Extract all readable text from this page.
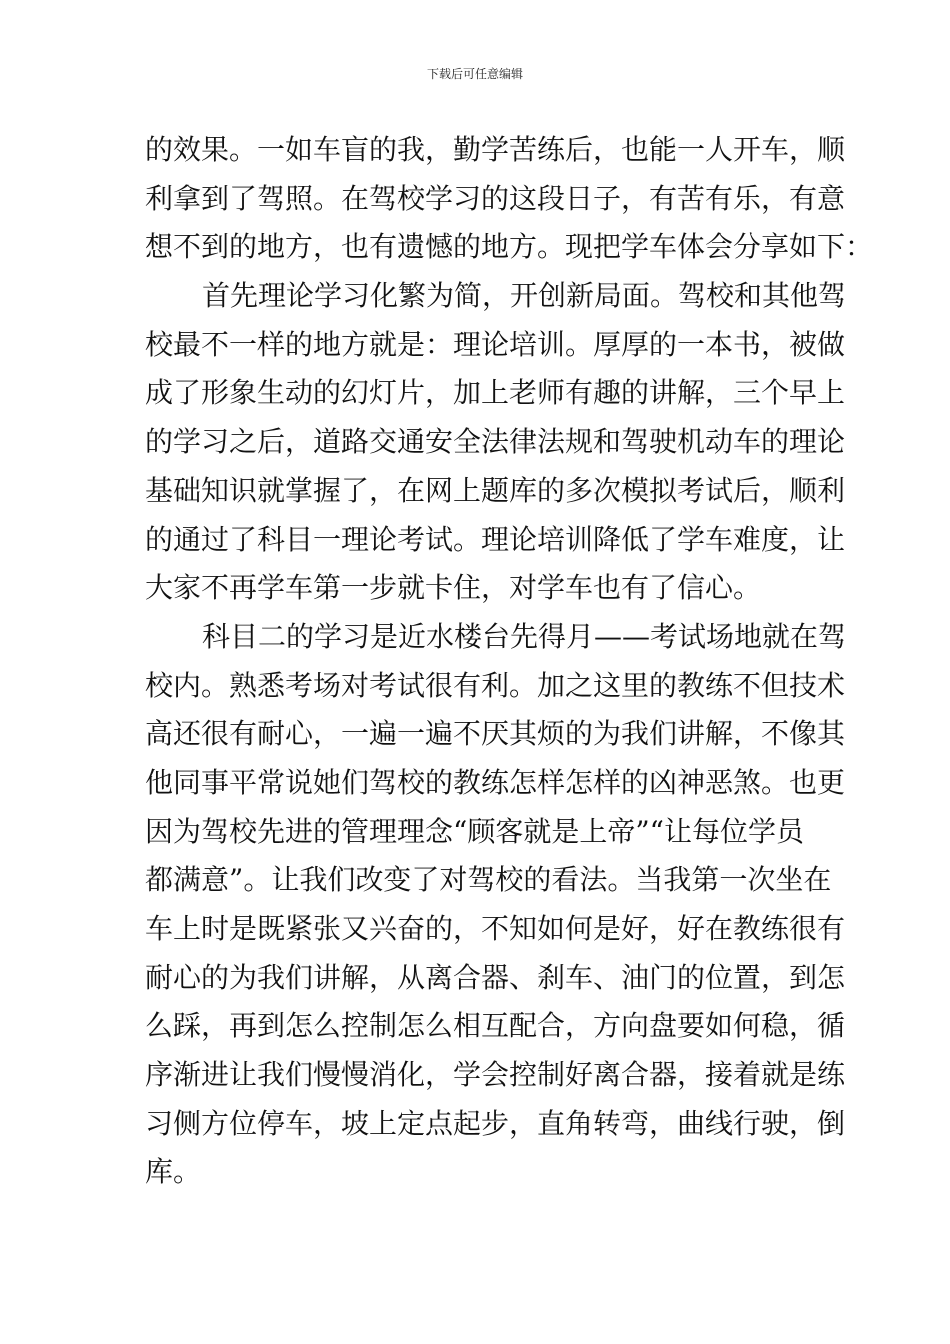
下载后可任意编辑
的效果。一如车盲的我，勤学苦练后，也能一人开车，顺
利拿到了驾照。在驾校学习的这段日子，有苦有乐，有意
想不到的地方，也有遗憾的地方。现把学车体会分享如下：
首先理论学习化繁为简，开创新局面。驾校和其他驾
校最不一样的地方就是：理论培训。厚厚的一本书，被做
成了形象生动的幻灯片，加上老师有趣的讲解，三个早上
的学习之后，道路交通安全法律法规和驾驶机动车的理论
基础知识就掌握了，在网上题库的多次模拟考试后，顺利
的通过了科目一理论考试。理论培训降低了学车难度，让
大家不再学车第一步就卡住，对学车也有了信心。
科目二的学习是近水楼台先得月——考试场地就在驾
校内。熟悉考场对考试很有利。加之这里的教练不但技术
高还很有耐心，一遍一遍不厌其烦的为我们讲解，不像其
他同事平常说她们驾校的教练怎样怎样的凶神恶煞。也更
因为驾校先进的管理理念“顾客就是上帝”“让每位学员
都满意”。让我们改变了对驾校的看法。当我第一次坐在
车上时是既紧张又兴奋的，不知如何是好，好在教练很有
耐心的为我们讲解，从离合器、刹车、油门的位置，到怎
么踩，再到怎么控制怎么相互配合，方向盘要如何稳，循
序渐进让我们慢慢消化，学会控制好离合器，接着就是练
习侧方位停车，坡上定点起步，直角转弯，曲线行驶，倒
库。
